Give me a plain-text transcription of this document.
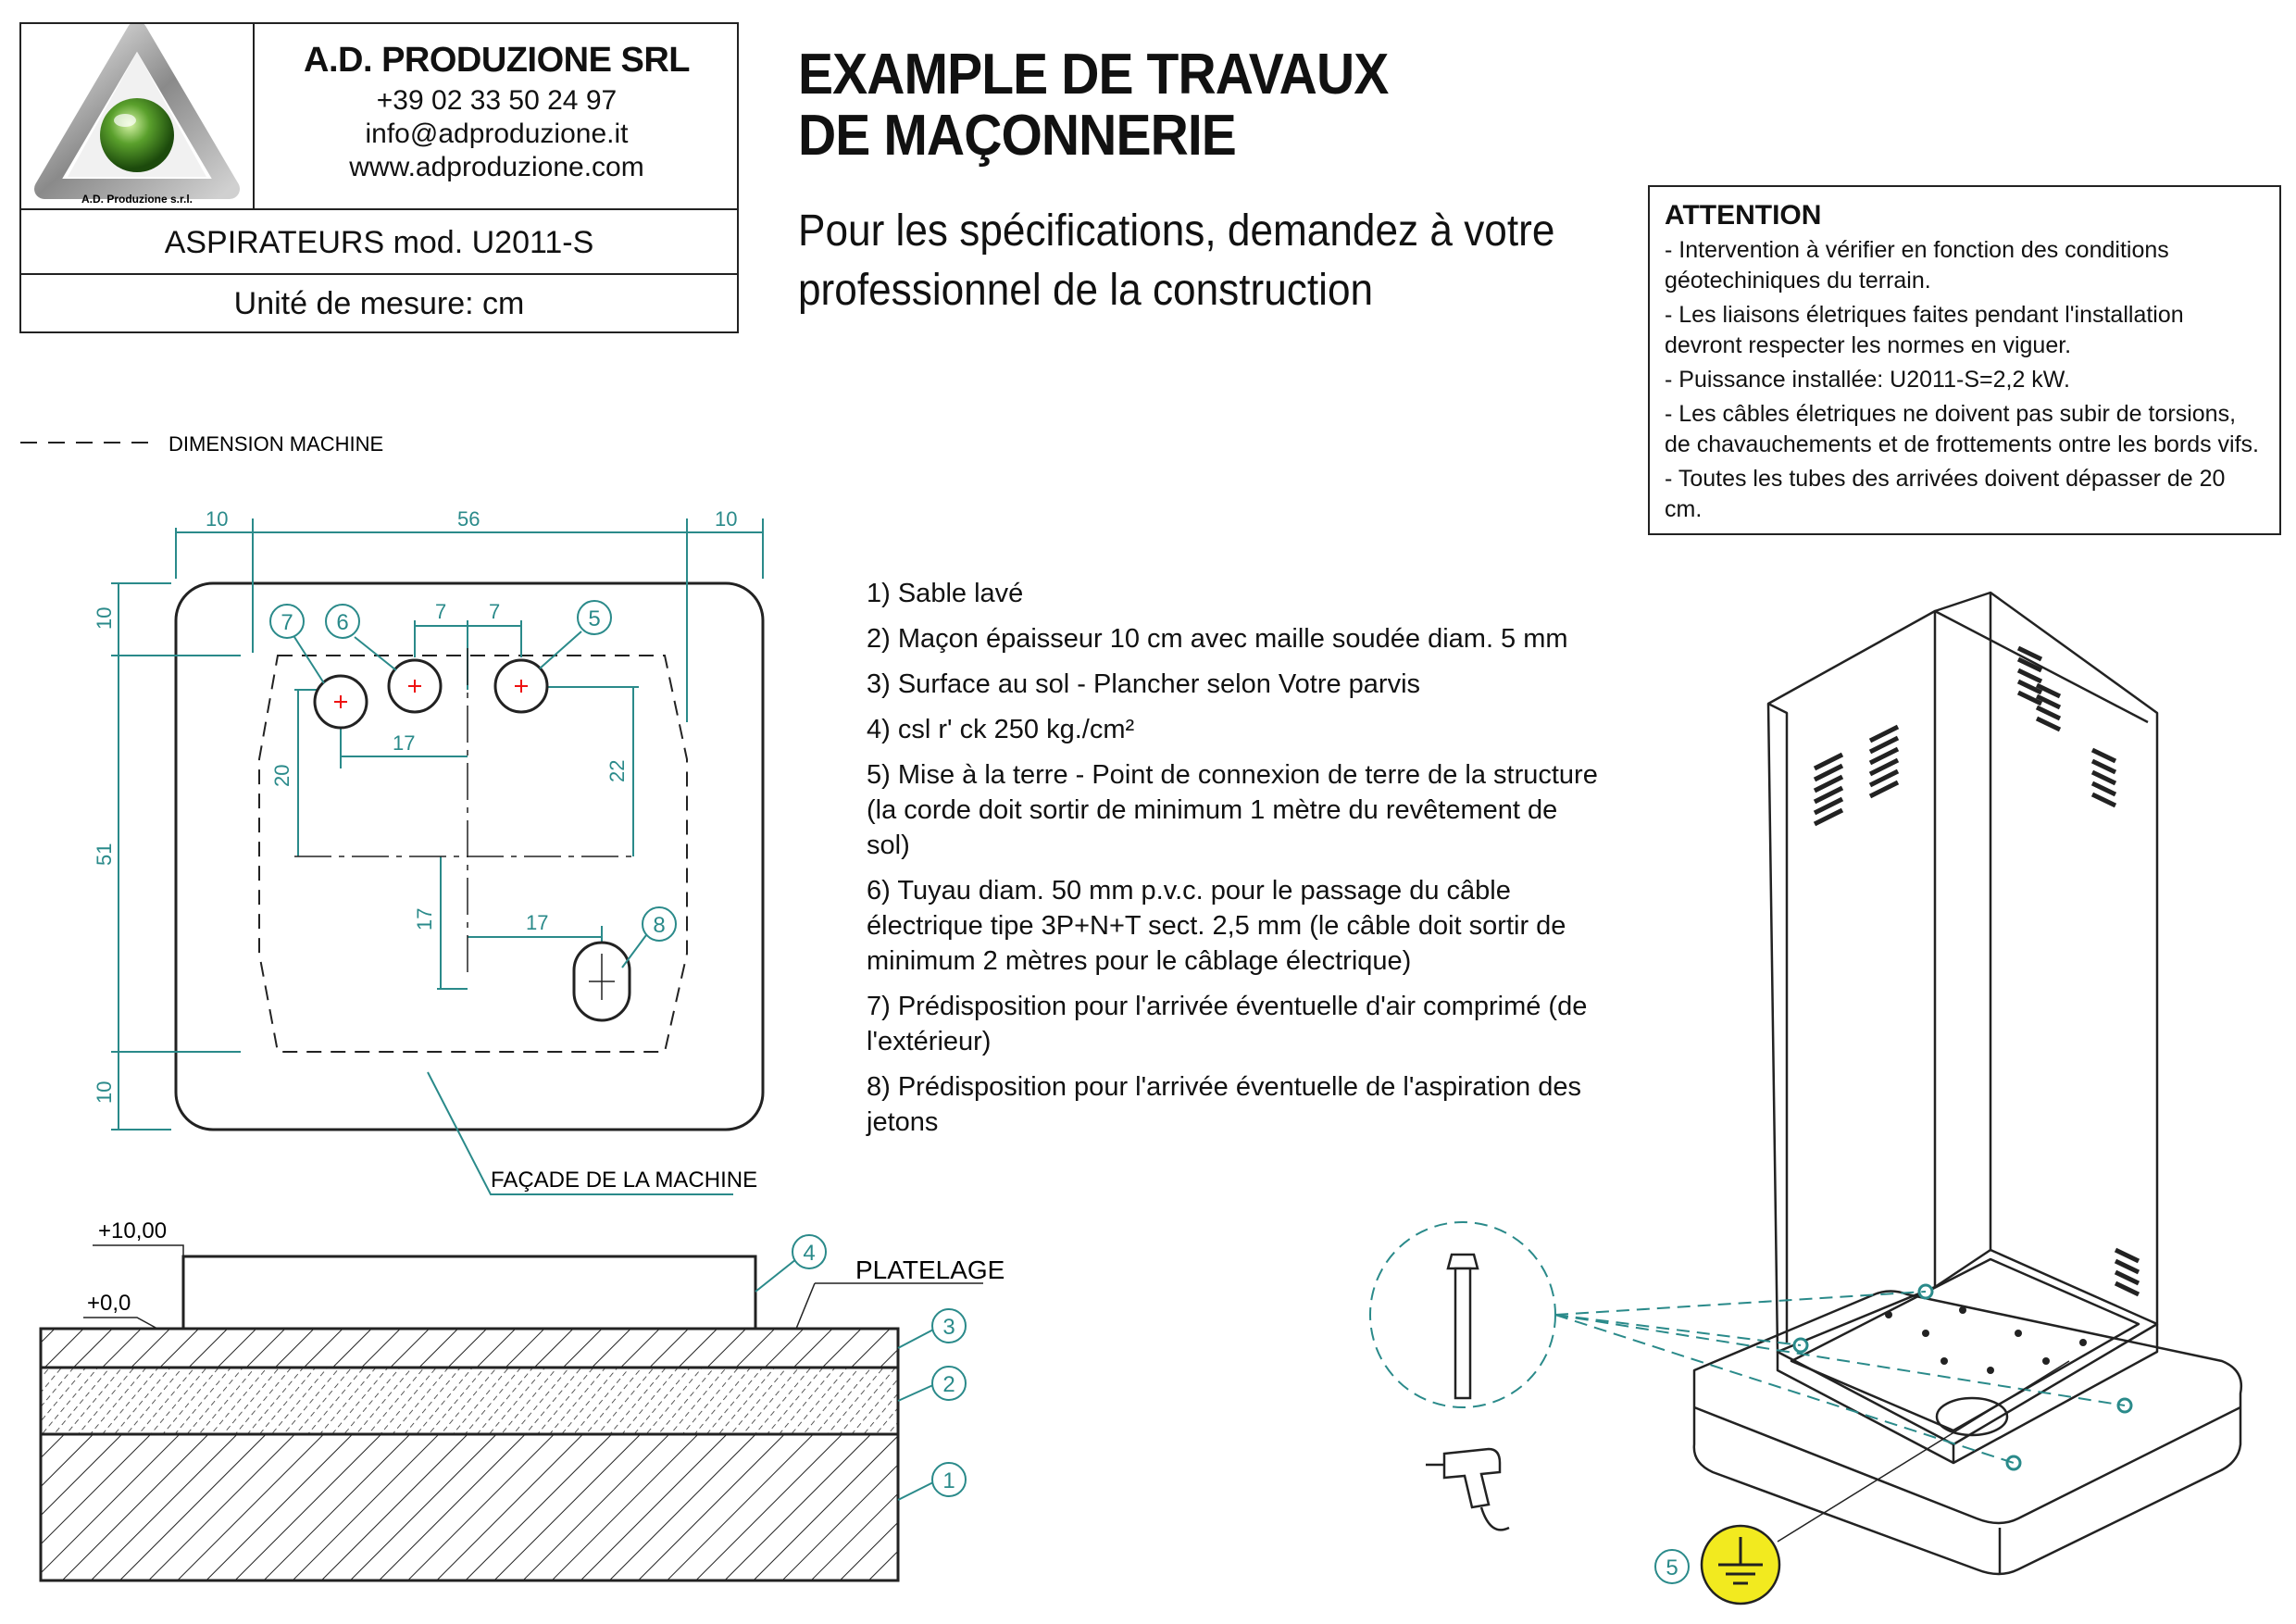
A.D. Produzione s.r.l.
A.D. PRODUZIONE SRL
+39 02 33 50 24 97
info@adproduzione.it
www.adproduzione.com
ASPIRATEURS mod. U2011-S
Unité de mesure: cm
EXAMPLE DE TRAVAUX
DE MAÇONNERIE
Pour les spécifications, demandez à votre
professionnel de la construction
ATTENTION
- Intervention à vérifier en fonction des conditions géotechiniques du terrain.
- Les liaisons életriques faites pendant l'installation devront respecter les normes en viguer.
- Puissance installée: U2011-S=2,2 kW.
- Les câbles életriques ne doivent pas subir de torsions, de chavauchements et de frottements ontre les bords vifs.
- Toutes les tubes des arrivées doivent dépasser de 20 cm.
1) Sable lavé
2) Maçon épaisseur 10 cm avec maille soudée diam. 5 mm
3) Surface au sol - Plancher selon Votre parvis
4) csl r' ck 250 kg./cm²
5) Mise à la terre - Point de connexion de terre de la structure (la corde doit sortir de minimum 1 mètre du revêtement de sol)
6) Tuyau diam. 50 mm p.v.c. pour le passage du câble électrique tipe 3P+N+T sect. 2,5 mm (le câble doit sortir de minimum 2 mètres pour le câblage électrique)
7) Prédisposition pour l'arrivée éventuelle d'air comprimé (de l'extérieur)
8) Prédisposition pour l'arrivée éventuelle de l'aspiration des jetons
DIMENSION MACHINE
10	56	10
10
51
10
7 7
17
20	22
17	17
7 6	5
8
FAÇADE DE LA MACHINE
+10,00
+0,0
PLATELAGE
4
3
2
1
5
